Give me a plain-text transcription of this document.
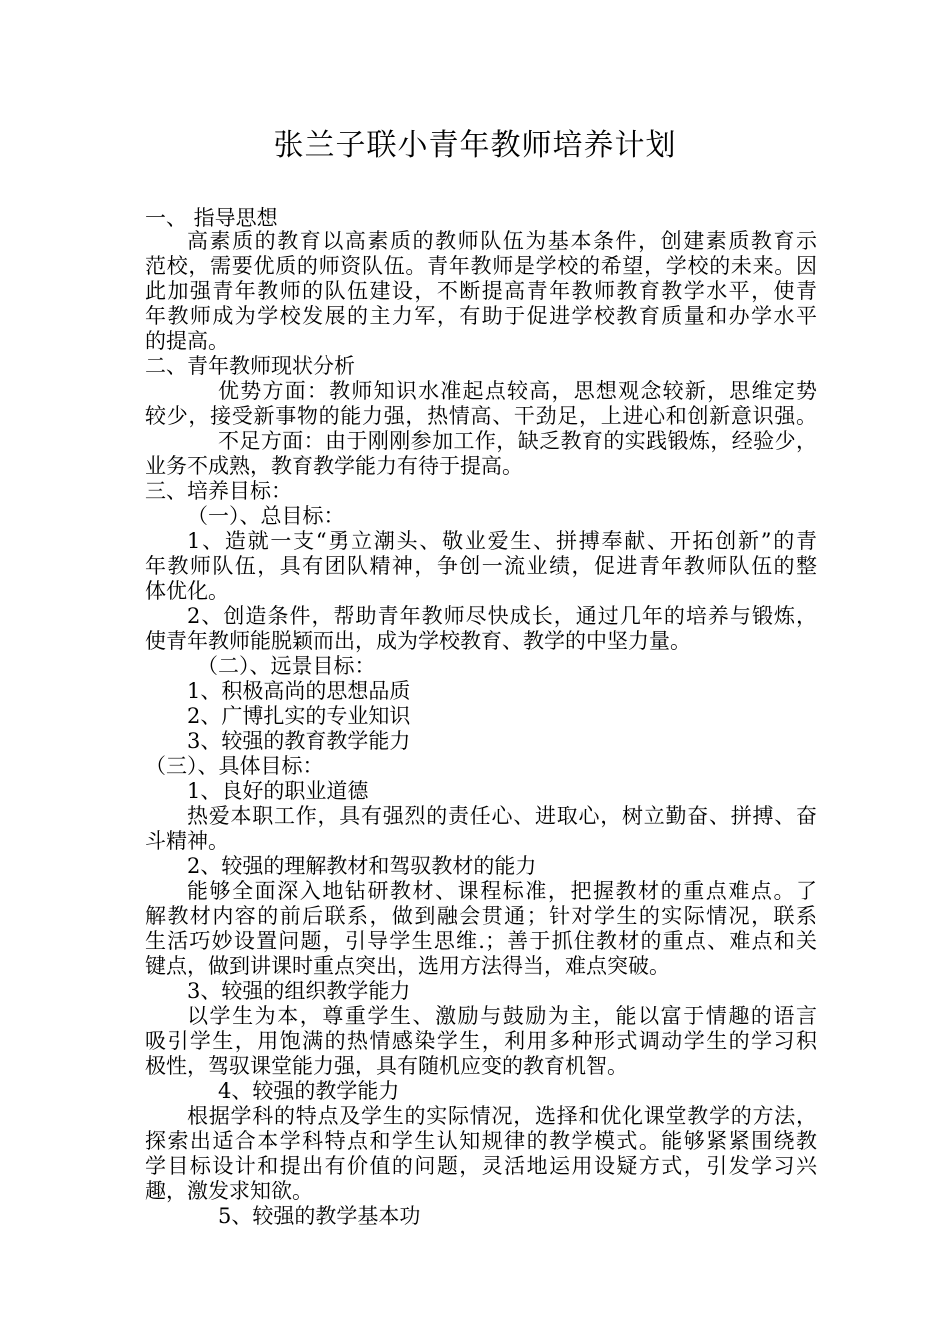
张兰子联小青年教师培养计划
一、 指导思想
高素质的教育以高素质的教师队伍为基本条件，创建素质教育示
范校，需要优质的师资队伍。青年教师是学校的希望，学校的未来。因
此加强青年教师的队伍建设，不断提高青年教师教育教学水平，使青
年教师成为学校发展的主力军，有助于促进学校教育质量和办学水平
的提高。
二、青年教师现状分析
优势方面：教师知识水准起点较高，思想观念较新，思维定势
较少，接受新事物的能力强，热情高、干劲足，上进心和创新意识强。
不足方面：由于刚刚参加工作，缺乏教育的实践锻炼，经验少，
业务不成熟，教育教学能力有待于提高。
三、培养目标：
（一）、总目标：
1、造就一支“勇立潮头、敬业爱生、拼搏奉献、开拓创新”的青
年教师队伍，具有团队精神，争创一流业绩，促进青年教师队伍的整
体优化。
2、创造条件，帮助青年教师尽快成长，通过几年的培养与锻炼，
使青年教师能脱颖而出，成为学校教育、教学的中坚力量。
（二）、远景目标：
1、积极高尚的思想品质
2、广博扎实的专业知识
3、较强的教育教学能力
（三）、具体目标：
1、良好的职业道德
热爱本职工作，具有强烈的责任心、进取心，树立勤奋、拼搏、奋
斗精神。
2、较强的理解教材和驾驭教材的能力
能够全面深入地钻研教材、课程标准，把握教材的重点难点。了
解教材内容的前后联系，做到融会贯通；针对学生的实际情况，联系
生活巧妙设置问题，引导学生思维.；善于抓住教材的重点、难点和关
键点，做到讲课时重点突出，选用方法得当，难点突破。
3、较强的组织教学能力
以学生为本，尊重学生、激励与鼓励为主，能以富于情趣的语言
吸引学生，用饱满的热情感染学生，利用多种形式调动学生的学习积
极性，驾驭课堂能力强，具有随机应变的教育机智。
4、较强的教学能力
根据学科的特点及学生的实际情况，选择和优化课堂教学的方法，
探索出适合本学科特点和学生认知规律的教学模式。能够紧紧围绕教
学目标设计和提出有价值的问题，灵活地运用设疑方式，引发学习兴
趣，激发求知欲。
5、较强的教学基本功
